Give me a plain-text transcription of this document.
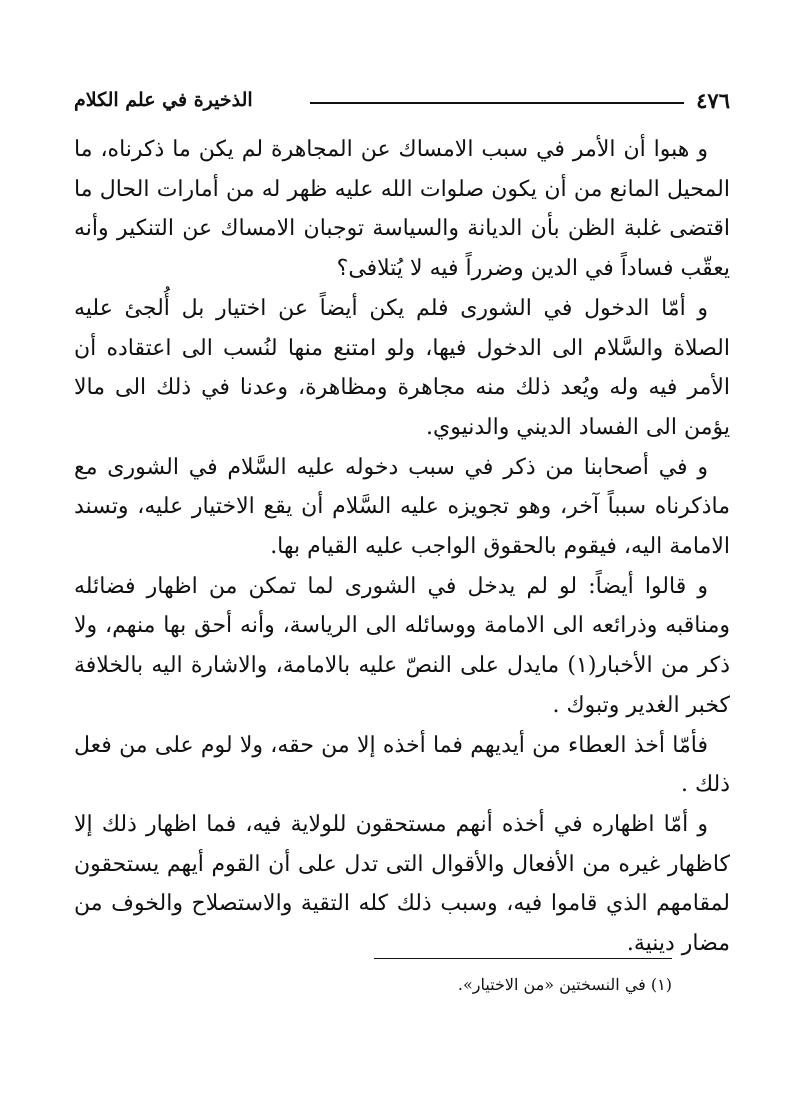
٤٧٦
الذخيرة في علم الكلام

و هبوا أن الأمر في سبب الامساك عن المجاهرة لم يكن ما ذكرناه، ما المحيل المانع من أن يكون صلوات الله عليه ظهر له من أمارات الحال ما اقتضى غلبة الظن بأن الديانة والسياسة توجبان الامساك عن التنكير وأنه يعقّب فساداً في الدين وضرراً فيه لا يُتلافى؟

و أمّا الدخول في الشورى فلم يكن أيضاً عن اختيار بل أُلجئ عليه الصلاة والسَّلام الى الدخول فيها، ولو امتنع منها لنُسب الى اعتقاده أن الأمر فيه وله ويُعد ذلك منه مجاهرة ومظاهرة، وعدنا في ذلك الى مالا يؤمن الى الفساد الديني والدنيوي.

و في أصحابنا من ذكر في سبب دخوله عليه السَّلام في الشورى مع ماذكرناه سبباً آخر، وهو تجويزه عليه السَّلام أن يقع الاختيار عليه، وتسند الامامة اليه، فيقوم بالحقوق الواجب عليه القيام بها.

و قالوا أيضاً: لو لم يدخل في الشورى لما تمكن من اظهار فضائله ومناقبه وذرائعه الى الامامة ووسائله الى الرياسة، وأنه أحق بها منهم، ولا ذكر من الأخبار(١) مايدل على النصّ عليه بالامامة، والاشارة اليه بالخلافة كخبر الغدير وتبوك .

فأمّا أخذ العطاء من أيديهم فما أخذه إلا من حقه، ولا لوم على من فعل ذلك .

و أمّا اظهاره في أخذه أنهم مستحقون للولاية فيه، فما اظهار ذلك إلا كاظهار غيره من الأفعال والأقوال التى تدل على أن القوم أيهم يستحقون لمقامهم الذي قاموا فيه، وسبب ذلك كله التقية والاستصلاح والخوف من مضار دينية.

(١) في النسختين «من الاختيار».
